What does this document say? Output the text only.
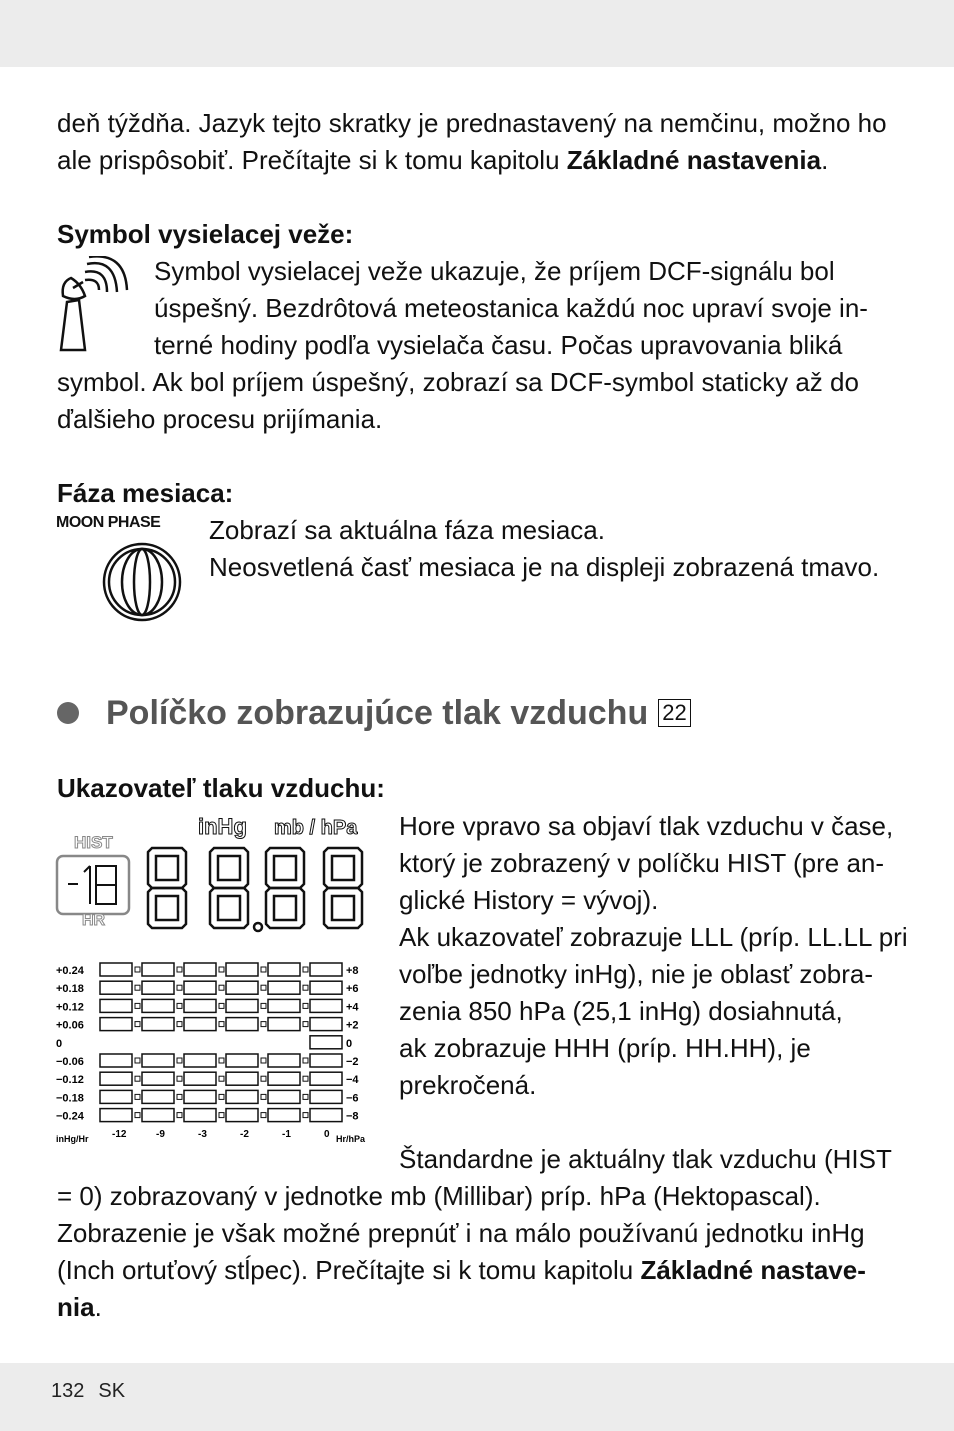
deň týždňa. Jazyk tejto skratky je prednastavený na nemčinu, možno ho
ale prispôsobiť. Prečítajte si k tomu kapitolu Základné nastavenia.
Symbol vysielacej veže:
Symbol vysielacej veže ukazuje, že príjem DCF-signálu bol
úspešný. Bezdrôtová meteostanica každú noc upraví svoje in-
terné hodiny podľa vysielača času. Počas upravovania bliká
symbol. Ak bol príjem úspešný, zobrazí sa DCF-symbol staticky až do
ďalšieho procesu prijímania.
Fáza mesiaca:
MOON PHASE Zobrazí sa aktuálna fáza mesiaca.
Neosvetlená časť mesiaca je na displeji zobrazená tmavo.
Políčko zobrazujúce tlak vzduchu 22
Ukazovateľ tlaku vzduchu:
inHg mb / hPa
HIST
HR
+0.24	+8
+0.18	+6
+0.12	+4
+0.06	+2
0	0
−0.06	−2
−0.12	−4
−0.18	−6
−0.24	−8
-12	-9	-3	-2	-1	0
inHg/Hr	Hr/hPa
Hore vpravo sa objaví tlak vzduchu v čase,
ktorý je zobrazený v políčku HIST (pre an-
glické History = vývoj).
Ak ukazovateľ zobrazuje LLL (príp. LL.LL pri
voľbe jednotky inHg), nie je oblasť zobra-
zenia 850 hPa (25,1 inHg) dosiahnutá,
ak zobrazuje HHH (príp. HH.HH), je
prekročená.
Štandardne je aktuálny tlak vzduchu (HIST
= 0) zobrazovaný v jednotke mb (Millibar) príp. hPa (Hektopascal).
Zobrazenie je však možné prepnúť i na málo používanú jednotku inHg
(Inch ortuťový stĺpec). Prečítajte si k tomu kapitolu Základné nastave-
nia.
132 SK
